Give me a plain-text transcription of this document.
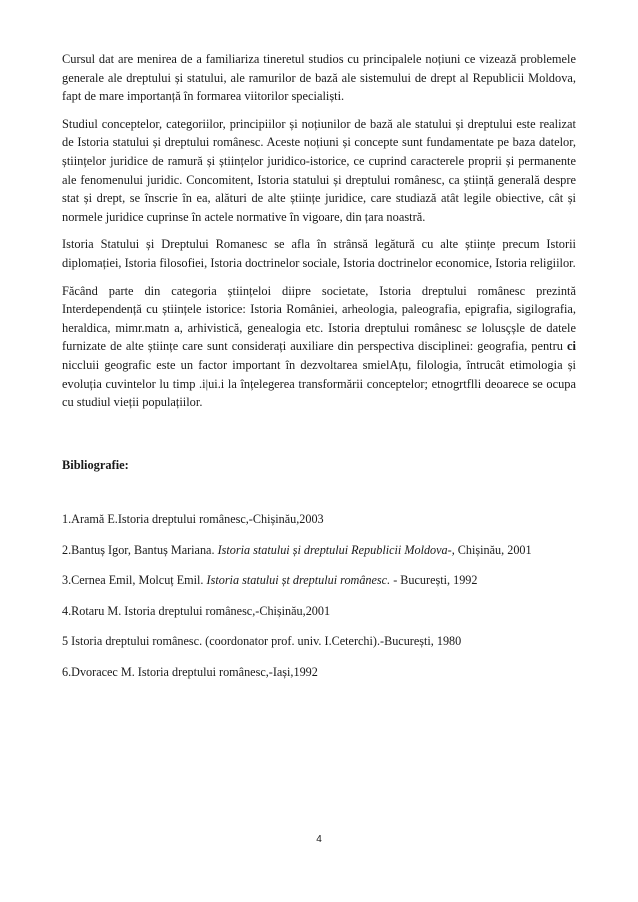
Cursul dat are menirea de a familiariza tineretul studios cu principalele noțiuni ce vizează problemele generale ale dreptului și statului, ale ramurilor de bază ale sistemului de drept al Republicii Moldova, fapt de mare importanță în formarea viitorilor specialiști.

Studiul conceptelor, categoriilor, principiilor și noțiunilor de bază ale statului și dreptului este realizat de Istoria statului și dreptului românesc. Aceste noțiuni și concepte sunt fundamentate pe baza datelor, științelor juridice de ramură și științelor juridico-istorice, ce cuprind caracterele proprii și permanente ale fenomenului juridic. Concomitent, Istoria statului și dreptului românesc, ca știință generală despre stat și drept, se înscrie în ea, alături de alte științe juridice, care studiază atât legile obiective, cât și normele juridice cuprinse în actele normative în vigoare, din țara noastră.

Istoria Statului și Dreptului Romanesc se afla în strânsă legătură cu alte științe precum Istorii diplomației, Istoria filosofiei, Istoria doctrinelor sociale, Istoria doctrinelor economice, Istoria religiilor.

Făcând parte din categoria științeloi diipre societate, Istoria dreptului românesc prezintă Interdependență cu științele istorice: Istoria României, arheologia, paleografia, epigrafia, sigilografia, heraldica, mimr.matn a, arhivistică, genealogia etc. Istoria dreptului românesc se lolusçșle de datele furnizate de alte științe care sunt considerați auxiliare din perspectiva disciplinei: geografia, pentru ci niccluii geografic este un factor important în dezvoltarea smielAțu, filologia, întrucât etimologia și evoluția cuvintelor lu timp .i|ui.i la înțelegerea transformării conceptelor; etnogrtflli deoarece se ocupa cu studiul vieții populațiilor.

Bibliografie:

1.Aramă E.Istoria dreptului românesc,-Chișinău,2003
2.Bantuș Igor, Bantuș Mariana. Istoria statului și dreptului Republicii Moldova-, Chișinău, 2001
3.Cernea Emil, Molcuț Emil. Istoria statului șt dreptului românesc. - București, 1992
4.Rotaru M. Istoria dreptului românesc,-Chișinău,2001
5 Istoria dreptului românesc. (coordonator prof. univ. I.Ceterchi).-București, 1980
6.Dvoracec M. Istoria dreptului românesc,-Iași,1992
4
